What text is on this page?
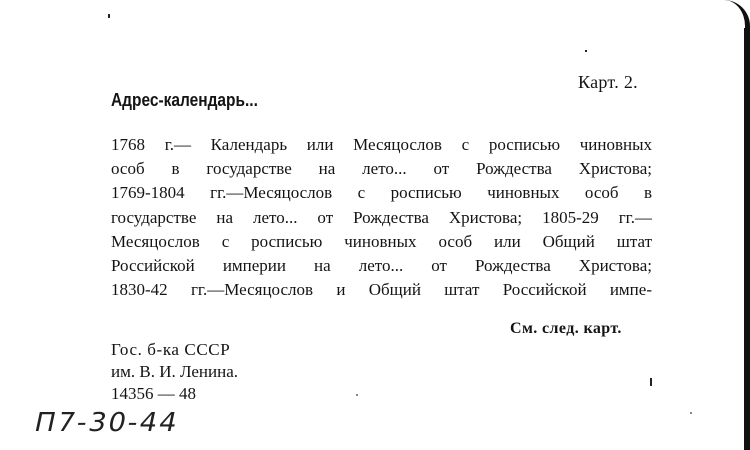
Карт. 2.
Адрес-календарь...
1768 г.— Календарь или Месяцослов с росписью чиновных
особ в государстве на лето... от Рождества Христова;
1769-1804 гг.—Месяцослов с росписью чиновных особ в
государстве на лето... от Рождества Христова; 1805-29 гг.—
Месяцослов с росписью чиновных особ или Общий штат
Российской империи на лето... от Рождества Христова;
1830-42 гг.—Месяцослов и Общий штат Российской импе-
См. след. карт.
Гос. б-ка СССР
им. В. И. Ленина.
14356 — 48
П7-30-44
